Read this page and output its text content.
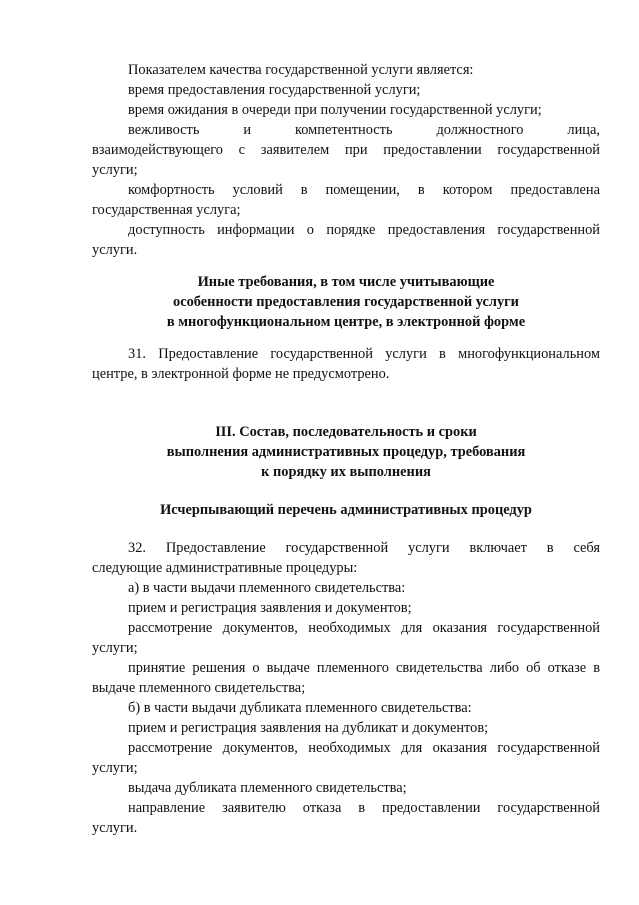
Показателем качества государственной услуги является:

время предоставления государственной услуги;

время ожидания в очереди при получении государственной услуги;

вежливость и компетентность должностного лица,

взаимодействующего с заявителем при предоставлении государственной

услуги;

комфортность условий в помещении, в котором предоставлена

государственная услуга;

доступность информации о порядке предоставления государственной

услуги.

Иные требования, в том числе учитывающие

особенности предоставления государственной услуги

в многофункциональном центре, в электронной форме

31. Предоставление государственной услуги в многофункциональном

центре, в электронной форме не предусмотрено.

III. Состав, последовательность и сроки

выполнения административных процедур, требования

к порядку их выполнения

Исчерпывающий перечень административных процедур

32. Предоставление государственной услуги включает в себя

следующие административные процедуры:

а) в части выдачи племенного свидетельства:

прием и регистрация заявления и документов;

рассмотрение документов, необходимых для оказания государственной

услуги;

принятие решения о выдаче племенного свидетельства либо об отказе в

выдаче племенного свидетельства;

б) в части выдачи дубликата племенного свидетельства:

прием и регистрация заявления на дубликат и документов;

рассмотрение документов, необходимых для оказания государственной

услуги;

выдача дубликата племенного свидетельства;

направление заявителю отказа в предоставлении государственной

услуги.
